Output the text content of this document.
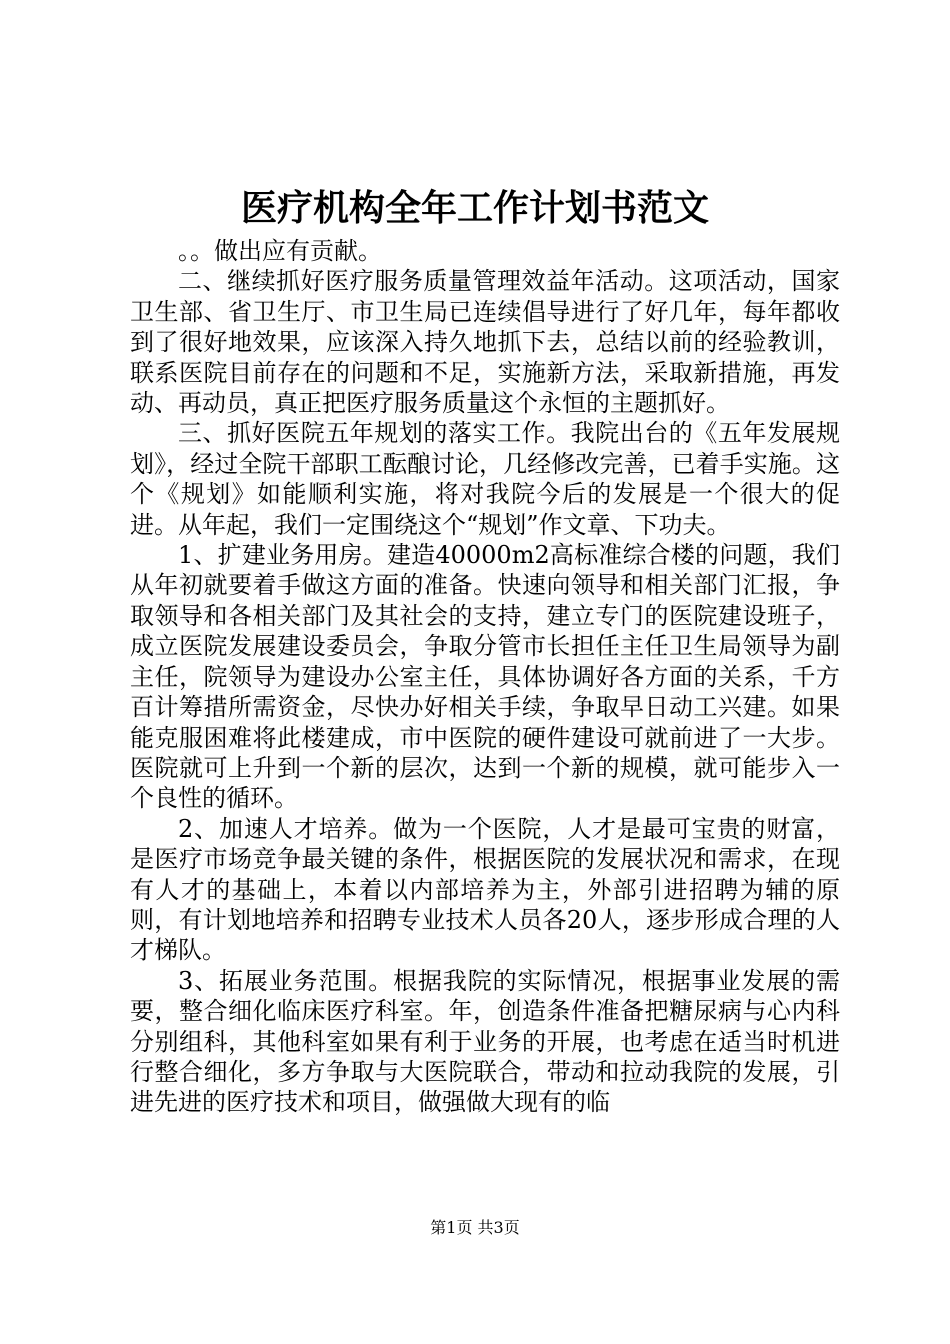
医疗机构全年工作计划书范文

。。做出应有贡献。

二、继续抓好医疗服务质量管理效益年活动。这项活动，国家卫生部、省卫生厅、市卫生局已连续倡导进行了好几年，每年都收到了很好地效果，应该深入持久地抓下去，总结以前的经验教训，联系医院目前存在的问题和不足，实施新方法，采取新措施，再发动、再动员，真正把医疗服务质量这个永恒的主题抓好。

三、抓好医院五年规划的落实工作。我院出台的《五年发展规划》，经过全院干部职工酝酿讨论，几经修改完善，已着手实施。这个《规划》如能顺利实施，将对我院今后的发展是一个很大的促进。从年起，我们一定围绕这个“规划”作文章、下功夫。

1、扩建业务用房。建造40000m2高标准综合楼的问题，我们从年初就要着手做这方面的准备。快速向领导和相关部门汇报，争取领导和各相关部门及其社会的支持，建立专门的医院建设班子，成立医院发展建设委员会，争取分管市长担任主任卫生局领导为副主任，院领导为建设办公室主任，具体协调好各方面的关系，千方百计筹措所需资金，尽快办好相关手续，争取早日动工兴建。如果能克服困难将此楼建成，市中医院的硬件建设可就前进了一大步。医院就可上升到一个新的层次，达到一个新的规模，就可能步入一个良性的循环。

2、加速人才培养。做为一个医院，人才是最可宝贵的财富，是医疗市场竞争最关键的条件，根据医院的发展状况和需求，在现有人才的基础上，本着以内部培养为主，外部引进招聘为辅的原则，有计划地培养和招聘专业技术人员各20人，逐步形成合理的人才梯队。

3、拓展业务范围。根据我院的实际情况，根据事业发展的需要，整合细化临床医疗科室。年，创造条件准备把糖尿病与心内科分别组科，其他科室如果有利于业务的开展，也考虑在适当时机进行整合细化，多方争取与大医院联合，带动和拉动我院的发展，引进先进的医疗技术和项目，做强做大现有的临

第1页 共3页
